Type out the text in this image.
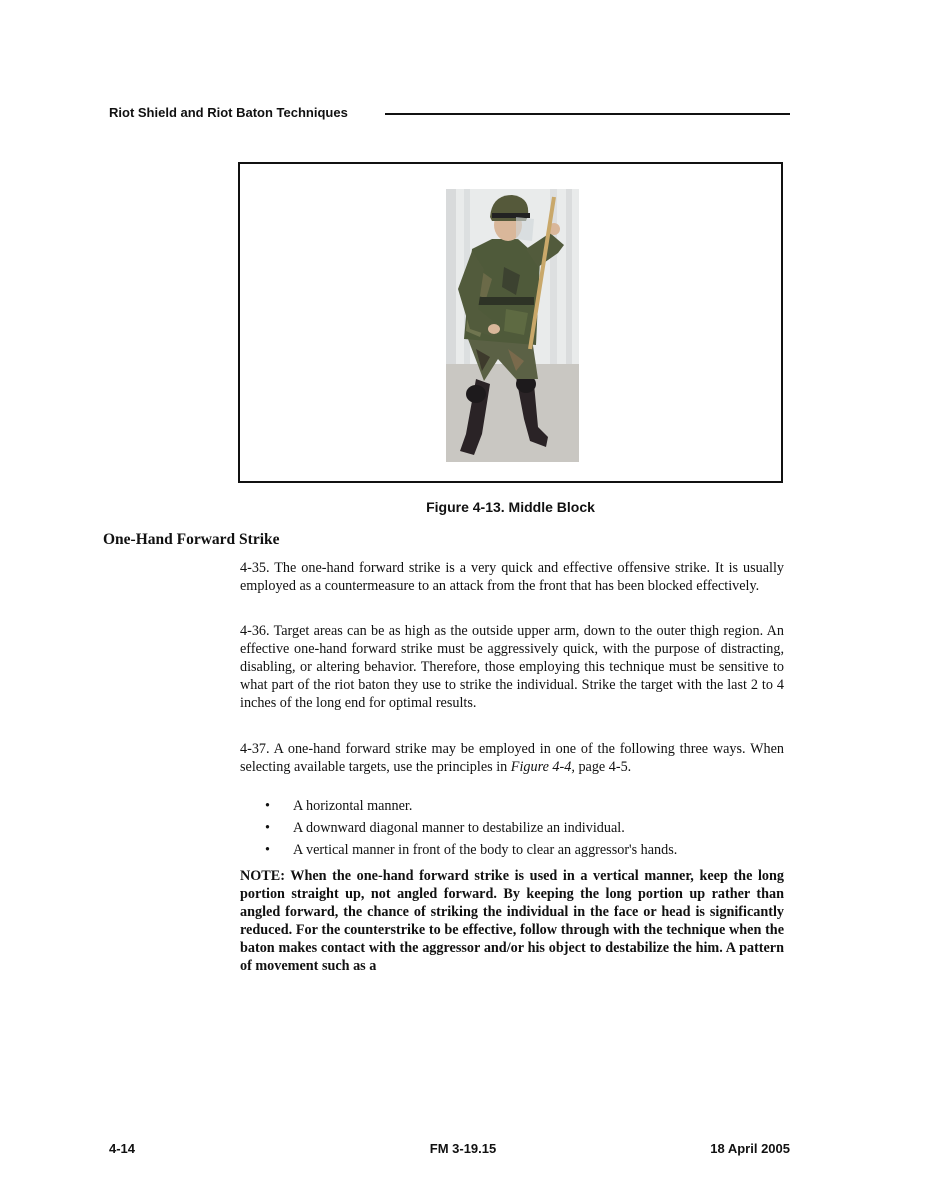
Riot Shield and Riot Baton Techniques
Figure 4-13. Middle Block
One-Hand Forward Strike

4-35. The one-hand forward strike is a very quick and effective offensive strike. It is usually employed as a countermeasure to an attack from the front that has been blocked effectively.

4-36. Target areas can be as high as the outside upper arm, down to the outer thigh region. An effective one-hand forward strike must be aggressively quick, with the purpose of distracting, disabling, or altering behavior. Therefore, those employing this technique must be sensitive to what part of the riot baton they use to strike the individual. Strike the target with the last 2 to 4 inches of the long end for optimal results.

4-37. A one-hand forward strike may be employed in one of the following three ways. When selecting available targets, use the principles in Figure 4-4, page 4-5.

• A horizontal manner.
• A downward diagonal manner to destabilize an individual.
• A vertical manner in front of the body to clear an aggressor's hands.

NOTE: When the one-hand forward strike is used in a vertical manner, keep the long portion straight up, not angled forward. By keeping the long portion up rather than angled forward, the chance of striking the individual in the face or head is significantly reduced. For the counterstrike to be effective, follow through with the technique when the baton makes contact with the aggressor and/or his object to destabilize the him. A pattern of movement such as a

4-14	FM 3-19.15	18 April 2005
